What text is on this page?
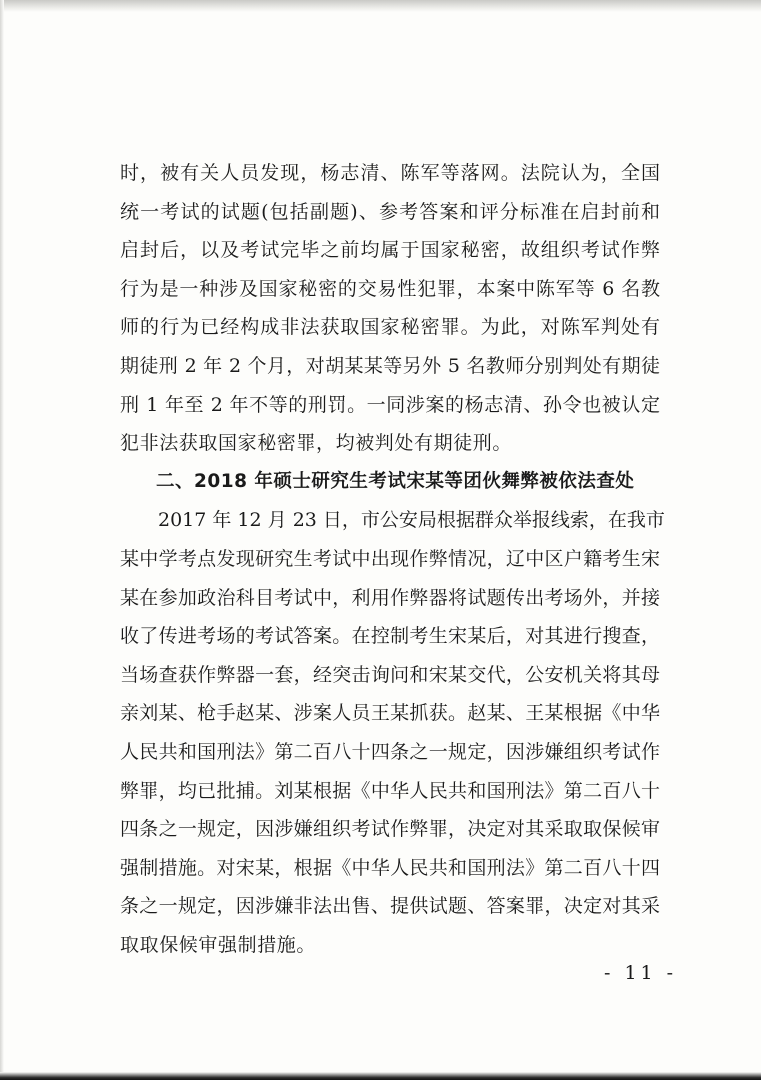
时，被有关人员发现，杨志清、陈军等落网。法院认为，全国
统一考试的试题(包括副题)、参考答案和评分标准在启封前和
启封后，以及考试完毕之前均属于国家秘密，故组织考试作弊
行为是一种涉及国家秘密的交易性犯罪，本案中陈军等 6 名教
师的行为已经构成非法获取国家秘密罪。为此，对陈军判处有
期徒刑 2 年 2 个月，对胡某某等另外 5 名教师分别判处有期徒
刑 1 年至 2 年不等的刑罚。一同涉案的杨志清、孙令也被认定
犯非法获取国家秘密罪，均被判处有期徒刑。
二、2018 年硕士研究生考试宋某等团伙舞弊被依法查处
2017 年 12 月 23 日，市公安局根据群众举报线索，在我市
某中学考点发现研究生考试中出现作弊情况，辽中区户籍考生宋
某在参加政治科目考试中，利用作弊器将试题传出考场外，并接
收了传进考场的考试答案。在控制考生宋某后，对其进行搜查，
当场查获作弊器一套，经突击询问和宋某交代，公安机关将其母
亲刘某、枪手赵某、涉案人员王某抓获。赵某、王某根据《中华
人民共和国刑法》第二百八十四条之一规定，因涉嫌组织考试作
弊罪，均已批捕。刘某根据《中华人民共和国刑法》第二百八十
四条之一规定，因涉嫌组织考试作弊罪，决定对其采取取保候审
强制措施。对宋某，根据《中华人民共和国刑法》第二百八十四
条之一规定，因涉嫌非法出售、提供试题、答案罪，决定对其采
取取保候审强制措施。
- 11 -
